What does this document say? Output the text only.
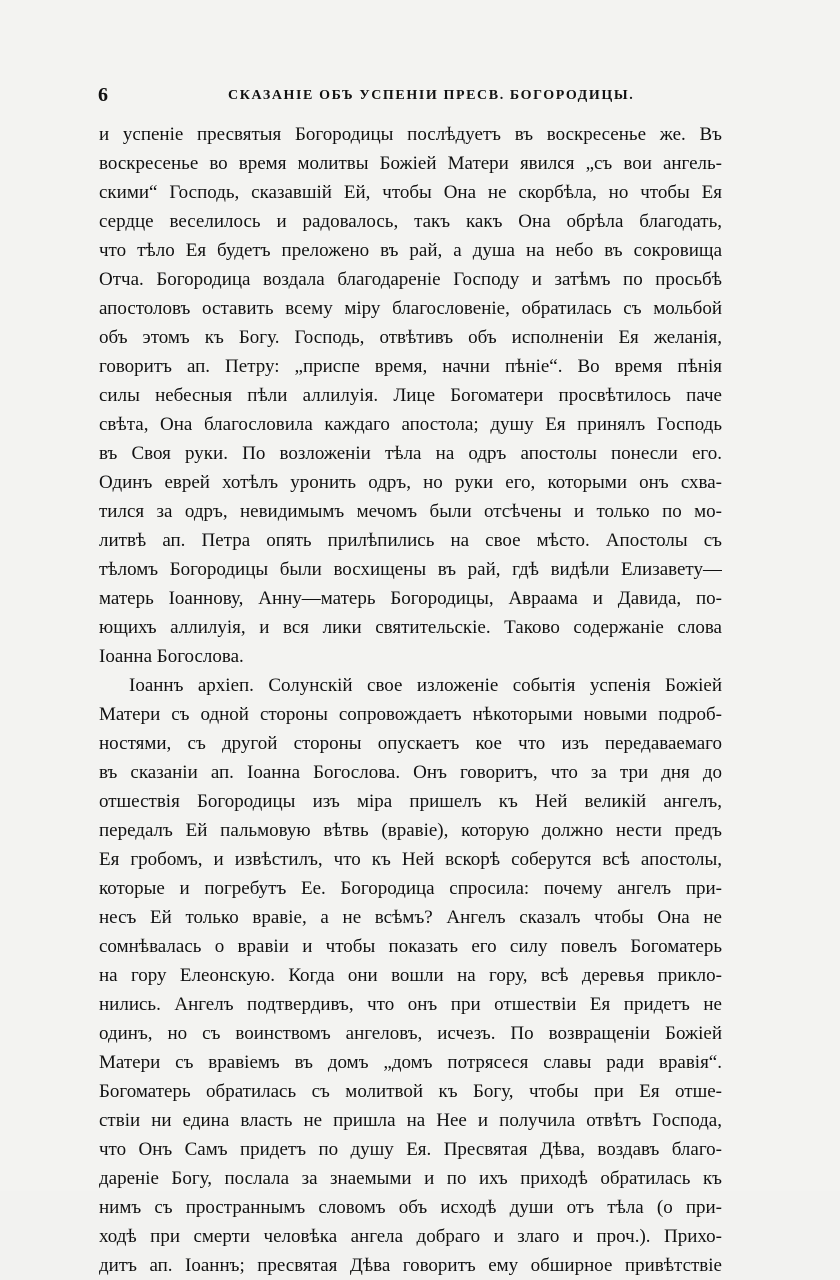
6	СКАЗАНІЕ ОБЪ УСПЕНІИ ПРЕСВ. БОГОРОДИЦЫ.
и успеніе пресвятыя Богородицы послѣдуетъ въ воскресенье же. Въ
воскресенье во время молитвы Божіей Матери явился „съ вои ангель-
скими“ Господь, сказавшій Ей, чтобы Она не скорбѣла, но чтобы Ея
сердце веселилось и радовалось, такъ какъ Она обрѣла благодать,
что тѣло Ея будетъ преложено въ рай, а душа на небо въ сокровища
Отча. Богородица воздала благодареніе Господу и затѣмъ по просьбѣ
апостоловъ оставить всему міру благословеніе, обратилась съ мольбой
объ этомъ къ Богу. Господь, отвѣтивъ объ исполненіи Ея желанія,
говоритъ ап. Петру: „приспе время, начни пѣніе“. Во время пѣнія
силы небесныя пѣли аллилуія. Лице Богоматери просвѣтилось паче
свѣта, Она благословила каждаго апостола; душу Ея принялъ Господь
въ Своя руки. По возложеніи тѣла на одръ апостолы понесли его.
Одинъ еврей хотѣлъ уронить одръ, но руки его, которыми онъ схва-
тился за одръ, невидимымъ мечомъ были отсѣчены и только по мо-
литвѣ ап. Петра опять прилѣпились на свое мѣсто. Апостолы съ
тѣломъ Богородицы были восхищены въ рай, гдѣ видѣли Елизавету—
матерь Іоаннову, Анну—матерь Богородицы, Авраама и Давида, по-
ющихъ аллилуія, и вся лики святительскіе. Таково содержаніе слова
Іоанна Богослова.
Іоаннъ архіеп. Солунскій свое изложеніе событія успенія Божіей
Матери съ одной стороны сопровождаетъ нѣкоторыми новыми подроб-
ностями, съ другой стороны опускаетъ кое что изъ передаваемаго
въ сказаніи ап. Іоанна Богослова. Онъ говоритъ, что за три дня до
отшествія Богородицы изъ міра пришелъ къ Ней великій ангелъ,
передалъ Ей пальмовую вѣтвь (вравіе), которую должно нести предъ
Ея гробомъ, и извѣстилъ, что къ Ней вскорѣ соберутся всѣ апостолы,
которые и погребутъ Ее. Богородица спросила: почему ангелъ при-
несъ Ей только вравіе, а не всѣмъ? Ангелъ сказалъ чтобы Она не
сомнѣвалась о вравіи и чтобы показать его силу повелъ Богоматерь
на гору Елеонскую. Когда они вошли на гору, всѣ деревья прикло-
нились. Ангелъ подтвердивъ, что онъ при отшествіи Ея придетъ не
одинъ, но съ воинствомъ ангеловъ, исчезъ. По возвращеніи Божіей
Матери съ вравіемъ въ домъ „домъ потрясеся славы ради вравія“.
Богоматерь обратилась съ молитвой къ Богу, чтобы при Ея отше-
ствіи ни едина власть не пришла на Нее и получила отвѣтъ Господа,
что Онъ Самъ придетъ по душу Ея. Пресвятая Дѣва, воздавъ благо-
дареніе Богу, послала за знаемыми и по ихъ приходѣ обратилась къ
нимъ съ пространнымъ словомъ объ исходѣ души отъ тѣла (о при-
ходѣ при смерти человѣка ангела добраго и злаго и проч.). Прихо-
дитъ ап. Іоаннъ; пресвятая Дѣва говоритъ ему обширное привѣтствіе
